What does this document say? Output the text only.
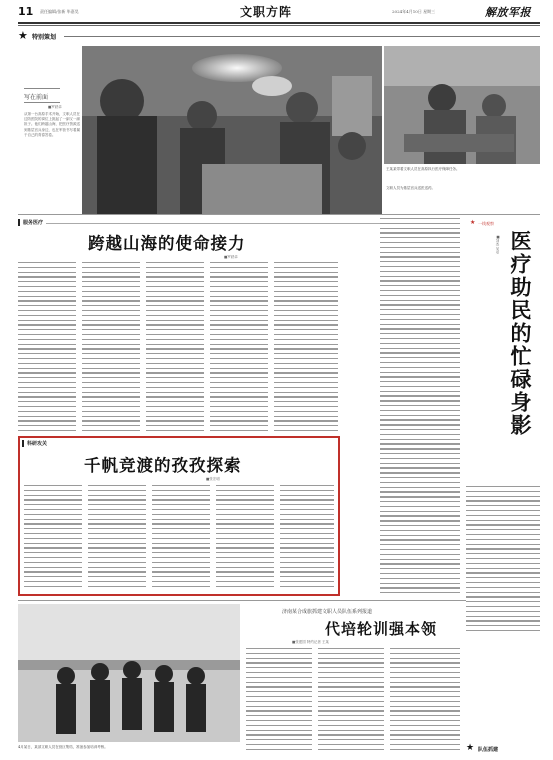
11 责任编辑/张新 毕嘉昊	文职方阵	2024年4月10日 星期三	解放军报
★ 特别策划
写在前面
■罗跃卓
从第一台高原手术开始，文职人员在边防医院的岗位上挑起了一副又一副担子。他们跨越山海，把医疗资源送到基层官兵身边，也在军营书写着属于自己的青春答卷。
王某某带着文职人员在高原执行医疗保障任务。
文职人员为基层官兵送医送药。
服务医疗
跨越山海的使命接力
■罗跃卓
科研攻关
千帆竞渡的孜孜探索
■张宏明
★ 一线观察
医疗助民的忙碌身影
■刘杰 吴安
4月某日，某部文职人员在营区集结，准备参加培训考核。
济南某合成旅抓建文职人员队伍系列报道
代培轮训强本领
■张建国 特约记者 王某
★ 队伍抓建
